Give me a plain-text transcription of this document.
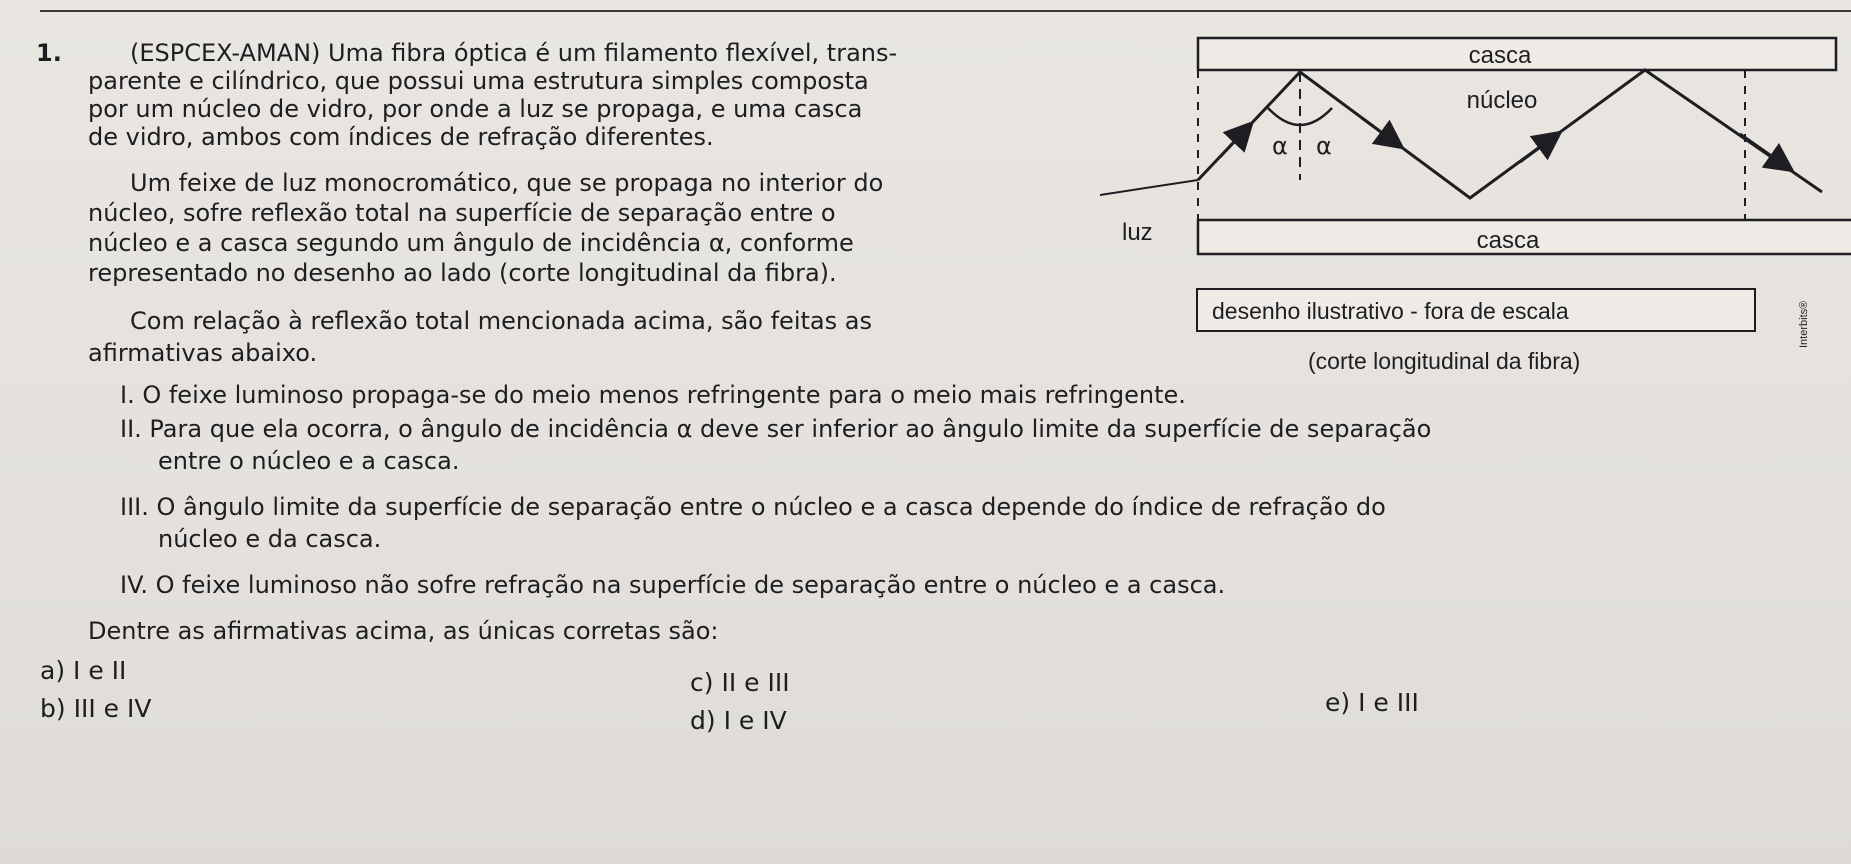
1.	(ESPCEX-AMAN) Uma fibra óptica é um filamento flexível, trans-
parente e cilíndrico, que possui uma estrutura simples composta
por um núcleo de vidro, por onde a luz se propaga, e uma casca
de vidro, ambos com índices de refração diferentes.
Um feixe de luz monocromático, que se propaga no interior do
núcleo, sofre reflexão total na superfície de separação entre o
núcleo e a casca segundo um ângulo de incidência α, conforme
representado no desenho ao lado (corte longitudinal da fibra).
Com relação à reflexão total mencionada acima, são feitas as
afirmativas abaixo.
I. O feixe luminoso propaga-se do meio menos refringente para o meio mais refringente.
II. Para que ela ocorra, o ângulo de incidência α deve ser inferior ao ângulo limite da superfície de separação
entre o núcleo e a casca.
III. O ângulo limite da superfície de separação entre o núcleo e a casca depende do índice de refração do
núcleo e da casca.
IV. O feixe luminoso não sofre refração na superfície de separação entre o núcleo e a casca.
Dentre as afirmativas acima, as únicas corretas são:
a) I e II
b) III e IV
c) II e III
d) I e IV
e) I e III
casca
núcleo
casca
luz
α α
desenho ilustrativo - fora de escala
(corte longitudinal da fibra)
Interbits®
